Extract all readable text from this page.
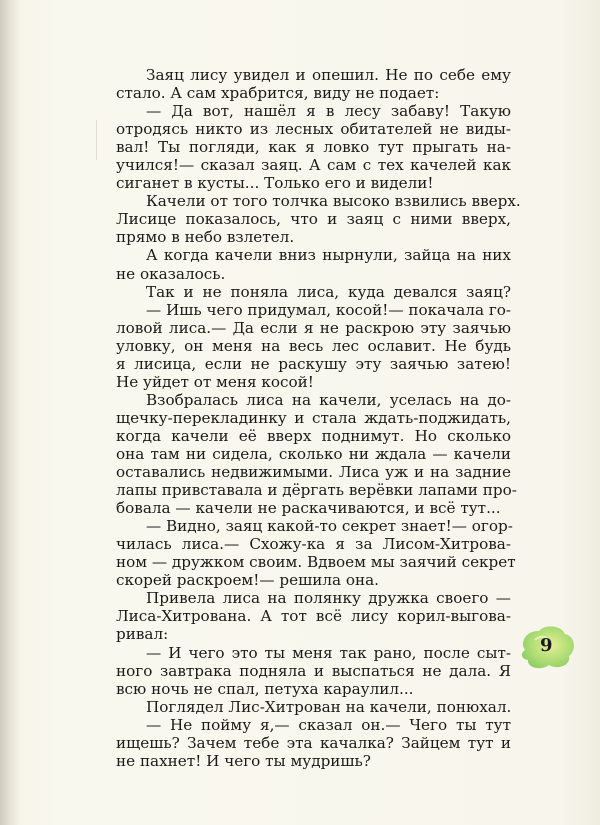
Заяц лису увидел и опешил. Не по себе ему
стало. А сам храбрится, виду не подает:
— Да вот, нашёл я в лесу забаву! Такую
отродясь никто из лесных обитателей не виды-
вал! Ты погляди, как я ловко тут прыгать на-
учился!— сказал заяц. А сам с тех качелей как
сиганет в кусты... Только его и видели!
Качели от того толчка высоко взвились вверх.
Лисице показалось, что и заяц с ними вверх,
прямо в небо взлетел.
А когда качели вниз нырнули, зайца на них
не оказалось.
Так и не поняла лиса, куда девался заяц?
— Ишь чего придумал, косой!— покачала го-
ловой лиса.— Да если я не раскрою эту заячью
уловку, он меня на весь лес ославит. Не будь
я лисица, если не раскушу эту заячью затею!
Не уйдет от меня косой!
Взобралась лиса на качели, уселась на до-
щечку-перекладинку и стала ждать-поджидать,
когда качели её вверх поднимут. Но сколько
она там ни сидела, сколько ни ждала — качели
оставались недвижимыми. Лиса уж и на задние
лапы привставала и дёргать верёвки лапами про-
бовала — качели не раскачиваются, и всё тут...
— Видно, заяц какой-то секрет знает!— огор-
чилась лиса.— Схожу-ка я за Лисом-Хитрова-
ном — дружком своим. Вдвоем мы заячий секрет
скорей раскроем!— решила она.
Привела лиса на полянку дружка своего —
Лиса-Хитрована. А тот всё лису корил-выгова-
ривал:
— И чего это ты меня так рано, после сыт-
ного завтрака подняла и выспаться не дала. Я
всю ночь не спал, петуха караулил...
Поглядел Лис-Хитрован на качели, понюхал.
— Не пойму я,— сказал он.— Чего ты тут
ищешь? Зачем тебе эта качалка? Зайцем тут и
не пахнет! И чего ты мудришь?
9
